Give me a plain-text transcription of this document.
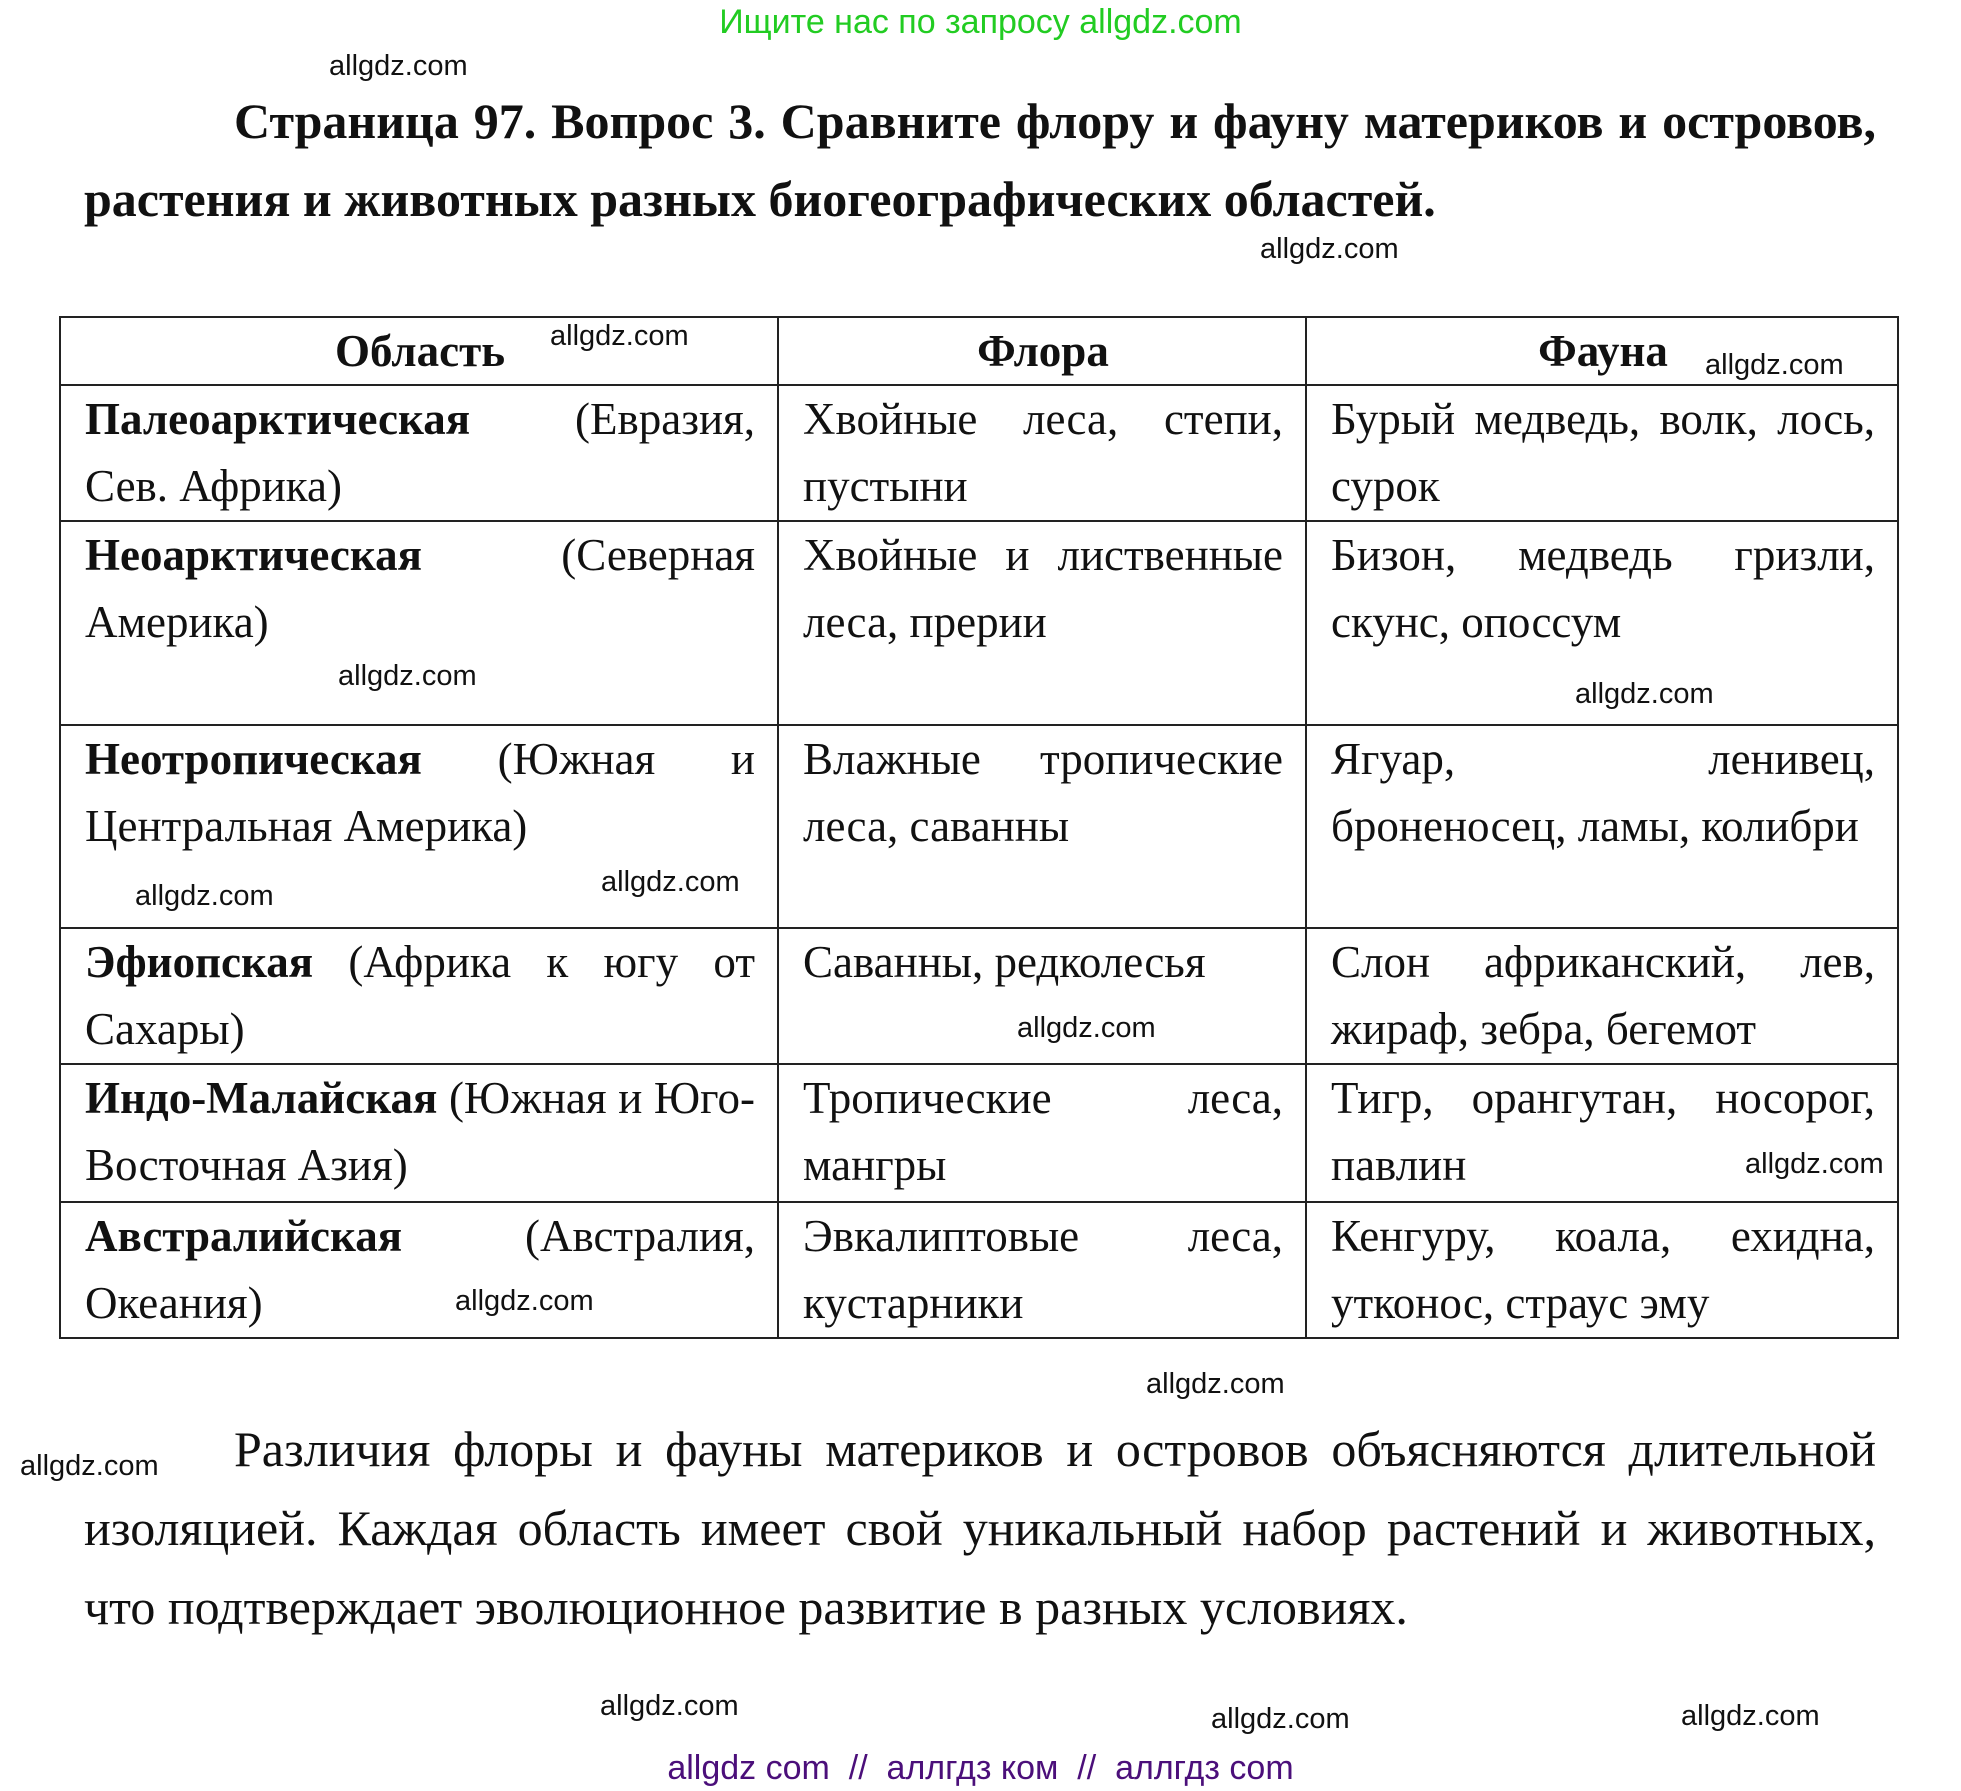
Ищите нас по запросу allgdz.com
Страница 97. Вопрос 3. Сравните флору и фауну материков и островов, растения и животных разных биогеографических областей.
Область	Флора	Фауна
Палеоарктическая (Евразия, Сев. Африка)	Хвойные леса, степи, пустыни	Бурый медведь, волк, лось, сурок
Неоарктическая (Северная Америка)	Хвойные и лиственные леса, прерии	Бизон, медведь гризли, скунс, опоссум
Неотропическая (Южная и Центральная Америка)	Влажные тропические леса, саванны	Ягуар, ленивец, броненосец, ламы, колибри
Эфиопская (Африка к югу от Сахары)	Саванны, редколесья	Слон африканский, лев, жираф, зебра, бегемот
Индо-Малайская (Южная и Юго-Восточная Азия)	Тропические леса, мангры	Тигр, орангутан, носорог, павлин
Австралийская (Австралия, Океания)	Эвкалиптовые леса, кустарники	Кенгуру, коала, ехидна, утконос, страус эму
Различия флоры и фауны материков и островов объясняются длительной изоляцией. Каждая область имеет свой уникальный набор растений и животных, что подтверждает эволюционное развитие в разных условиях.
allgdz.com
allgdz.com
allgdz.com
allgdz.com
allgdz.com
allgdz.com
allgdz.com
allgdz.com
allgdz.com
allgdz.com
allgdz.com
allgdz.com
allgdz.com
allgdz.com
allgdz.com
allgdz.com
allgdz com  //  аллгдз ком  //  аллгдз com
